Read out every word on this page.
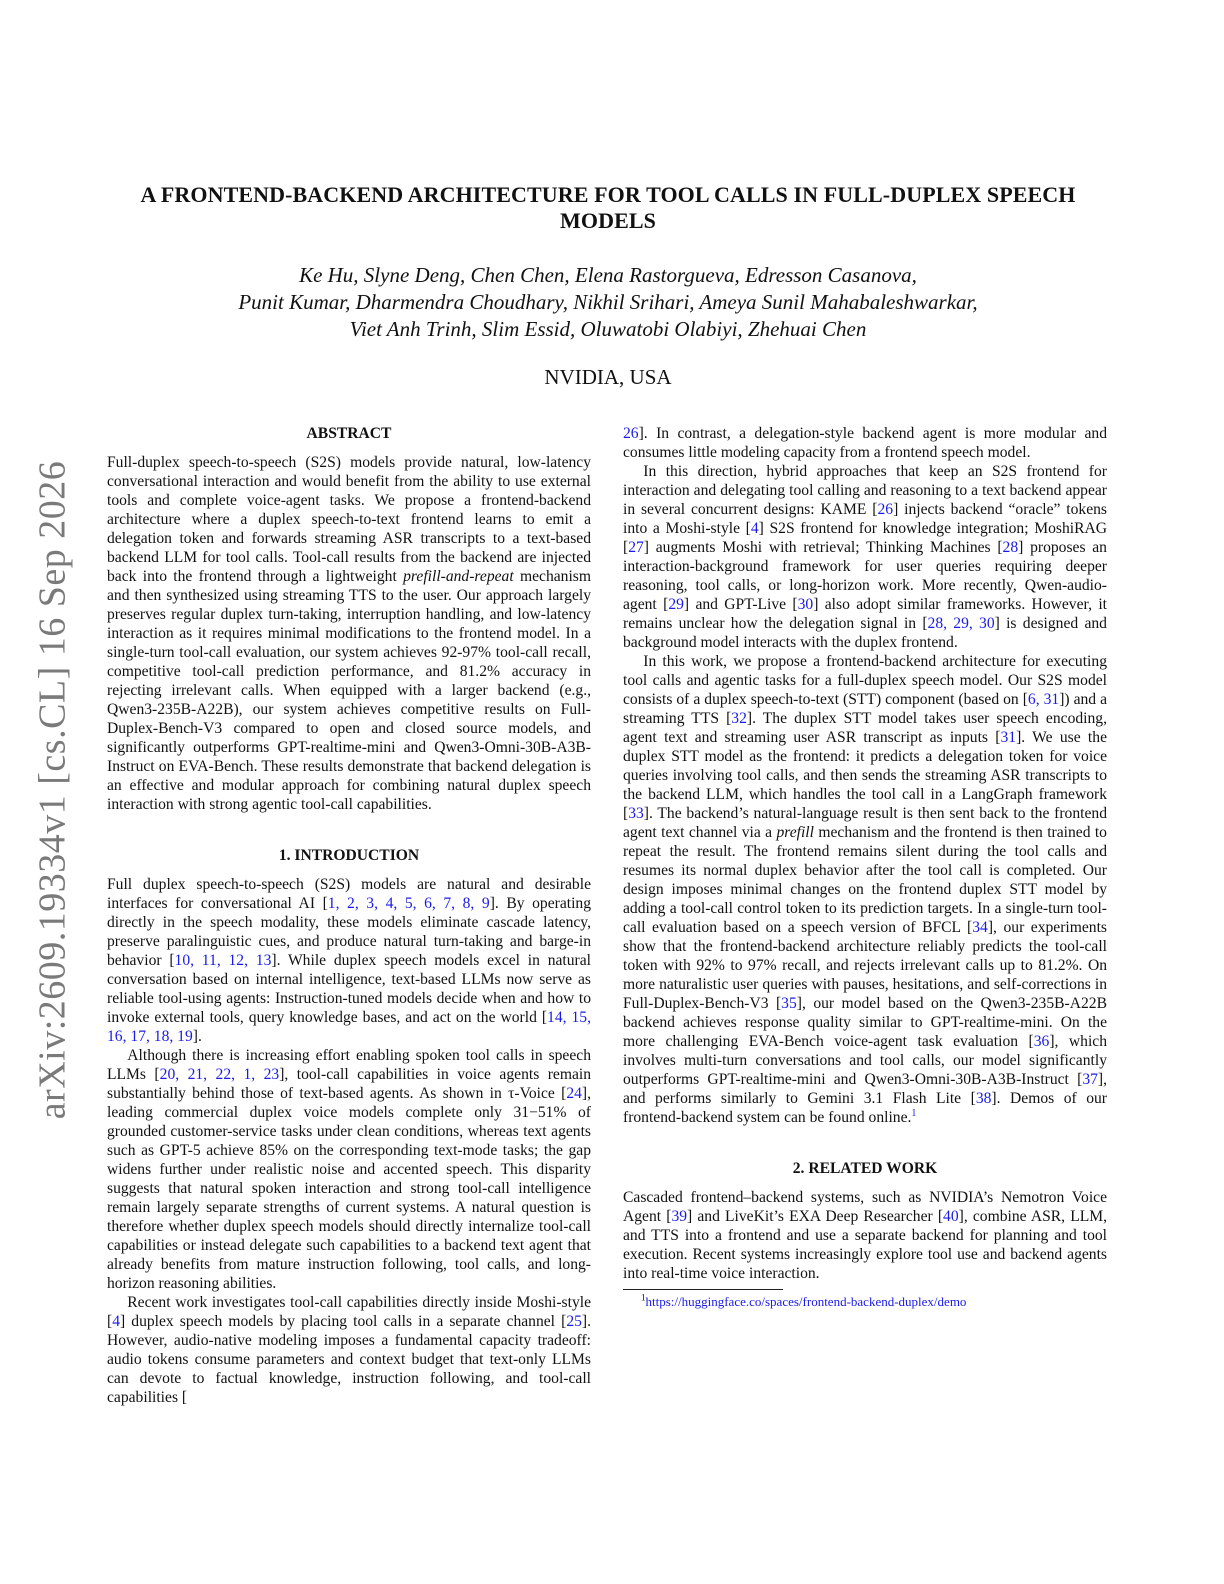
arXiv:2609.19334v1 [cs.CL] 16 Sep 2026
A FRONTEND-BACKEND ARCHITECTURE FOR TOOL CALLS IN FULL-DUPLEX SPEECH
MODELS
Ke Hu, Slyne Deng, Chen Chen, Elena Rastorgueva, Edresson Casanova,
Punit Kumar, Dharmendra Choudhary, Nikhil Srihari, Ameya Sunil Mahabaleshwarkar,
Viet Anh Trinh, Slim Essid, Oluwatobi Olabiyi, Zhehuai Chen
NVIDIA, USA
ABSTRACT

Full-duplex speech-to-speech (S2S) models provide natural, low-latency conversational interaction and would benefit from the ability to use external tools and complete voice-agent tasks. We propose a frontend-backend architecture where a duplex speech-to-text frontend learns to emit a delegation token and forwards streaming ASR transcripts to a text-based backend LLM for tool calls. Tool-call results from the backend are injected back into the frontend through a lightweight prefill-and-repeat mechanism and then synthesized using streaming TTS to the user. Our approach largely preserves regular duplex turn-taking, interruption handling, and low-latency interaction as it requires minimal modifications to the frontend model. In a single-turn tool-call evaluation, our system achieves 92-97% tool-call recall, competitive tool-call prediction performance, and 81.2% accuracy in rejecting irrelevant calls. When equipped with a larger backend (e.g., Qwen3-235B-A22B), our system achieves competitive results on Full-Duplex-Bench-V3 compared to open and closed source models, and significantly outperforms GPT-realtime-mini and Qwen3-Omni-30B-A3B-Instruct on EVA-Bench. These results demonstrate that backend delegation is an effective and modular approach for combining natural duplex speech interaction with strong agentic tool-call capabilities.

1. INTRODUCTION

Full duplex speech-to-speech (S2S) models are natural and desirable interfaces for conversational AI [1, 2, 3, 4, 5, 6, 7, 8, 9]. By operating directly in the speech modality, these models eliminate cascade latency, preserve paralinguistic cues, and produce natural turn-taking and barge-in behavior [10, 11, 12, 13]. While duplex speech models excel in natural conversation based on internal intelligence, text-based LLMs now serve as reliable tool-using agents: Instruction-tuned models decide when and how to invoke external tools, query knowledge bases, and act on the world [14, 15, 16, 17, 18, 19].

Although there is increasing effort enabling spoken tool calls in speech LLMs [20, 21, 22, 1, 23], tool-call capabilities in voice agents remain substantially behind those of text-based agents. As shown in τ-Voice [24], leading commercial duplex voice models complete only 31−51% of grounded customer-service tasks under clean conditions, whereas text agents such as GPT-5 achieve 85% on the corresponding text-mode tasks; the gap widens further under realistic noise and accented speech. This disparity suggests that natural spoken interaction and strong tool-call intelligence remain largely separate strengths of current systems. A natural question is therefore whether duplex speech models should directly internalize tool-call capabilities or instead delegate such capabilities to a backend text agent that already benefits from mature instruction following, tool calls, and long-horizon reasoning abilities.

Recent work investigates tool-call capabilities directly inside Moshi-style [4] duplex speech models by placing tool calls in a separate channel [25]. However, audio-native modeling imposes a fundamental capacity tradeoff: audio tokens consume parameters and context budget that text-only LLMs can devote to factual knowledge, instruction following, and tool-call capabilities [

26]. In contrast, a delegation-style backend agent is more modular and consumes little modeling capacity from a frontend speech model.

In this direction, hybrid approaches that keep an S2S frontend for interaction and delegating tool calling and reasoning to a text backend appear in several concurrent designs: KAME [26] injects backend “oracle” tokens into a Moshi-style [4] S2S frontend for knowledge integration; MoshiRAG [27] augments Moshi with retrieval; Thinking Machines [28] proposes an interaction-background framework for user queries requiring deeper reasoning, tool calls, or long-horizon work. More recently, Qwen-audio-agent [29] and GPT-Live [30] also adopt similar frameworks. However, it remains unclear how the delegation signal in [28, 29, 30] is designed and background model interacts with the duplex frontend.

In this work, we propose a frontend-backend architecture for executing tool calls and agentic tasks for a full-duplex speech model. Our S2S model consists of a duplex speech-to-text (STT) component (based on [6, 31]) and a streaming TTS [32]. The duplex STT model takes user speech encoding, agent text and streaming user ASR transcript as inputs [31]. We use the duplex STT model as the frontend: it predicts a delegation token for voice queries involving tool calls, and then sends the streaming ASR transcripts to the backend LLM, which handles the tool call in a LangGraph framework [33]. The backend’s natural-language result is then sent back to the frontend agent text channel via a prefill mechanism and the frontend is then trained to repeat the result. The frontend remains silent during the tool calls and resumes its normal duplex behavior after the tool call is completed. Our design imposes minimal changes on the frontend duplex STT model by adding a tool-call control token to its prediction targets. In a single-turn tool-call evaluation based on a speech version of BFCL [34], our experiments show that the frontend-backend architecture reliably predicts the tool-call token with 92% to 97% recall, and rejects irrelevant calls up to 81.2%. On more naturalistic user queries with pauses, hesitations, and self-corrections in Full-Duplex-Bench-V3 [35], our model based on the Qwen3-235B-A22B backend achieves response quality similar to GPT-realtime-mini. On the more challenging EVA-Bench voice-agent task evaluation [36], which involves multi-turn conversations and tool calls, our model significantly outperforms GPT-realtime-mini and Qwen3-Omni-30B-A3B-Instruct [37], and performs similarly to Gemini 3.1 Flash Lite [38]. Demos of our frontend-backend system can be found online.$^1$

2. RELATED WORK

Cascaded frontend–backend systems, such as NVIDIA’s Nemotron Voice Agent [39] and LiveKit’s EXA Deep Researcher [40], combine ASR, LLM, and TTS into a frontend and use a separate backend for planning and tool execution. Recent systems increasingly explore tool use and backend agents into real-time voice interaction.

$^1$https://huggingface.co/spaces/frontend-backend-duplex/demo
